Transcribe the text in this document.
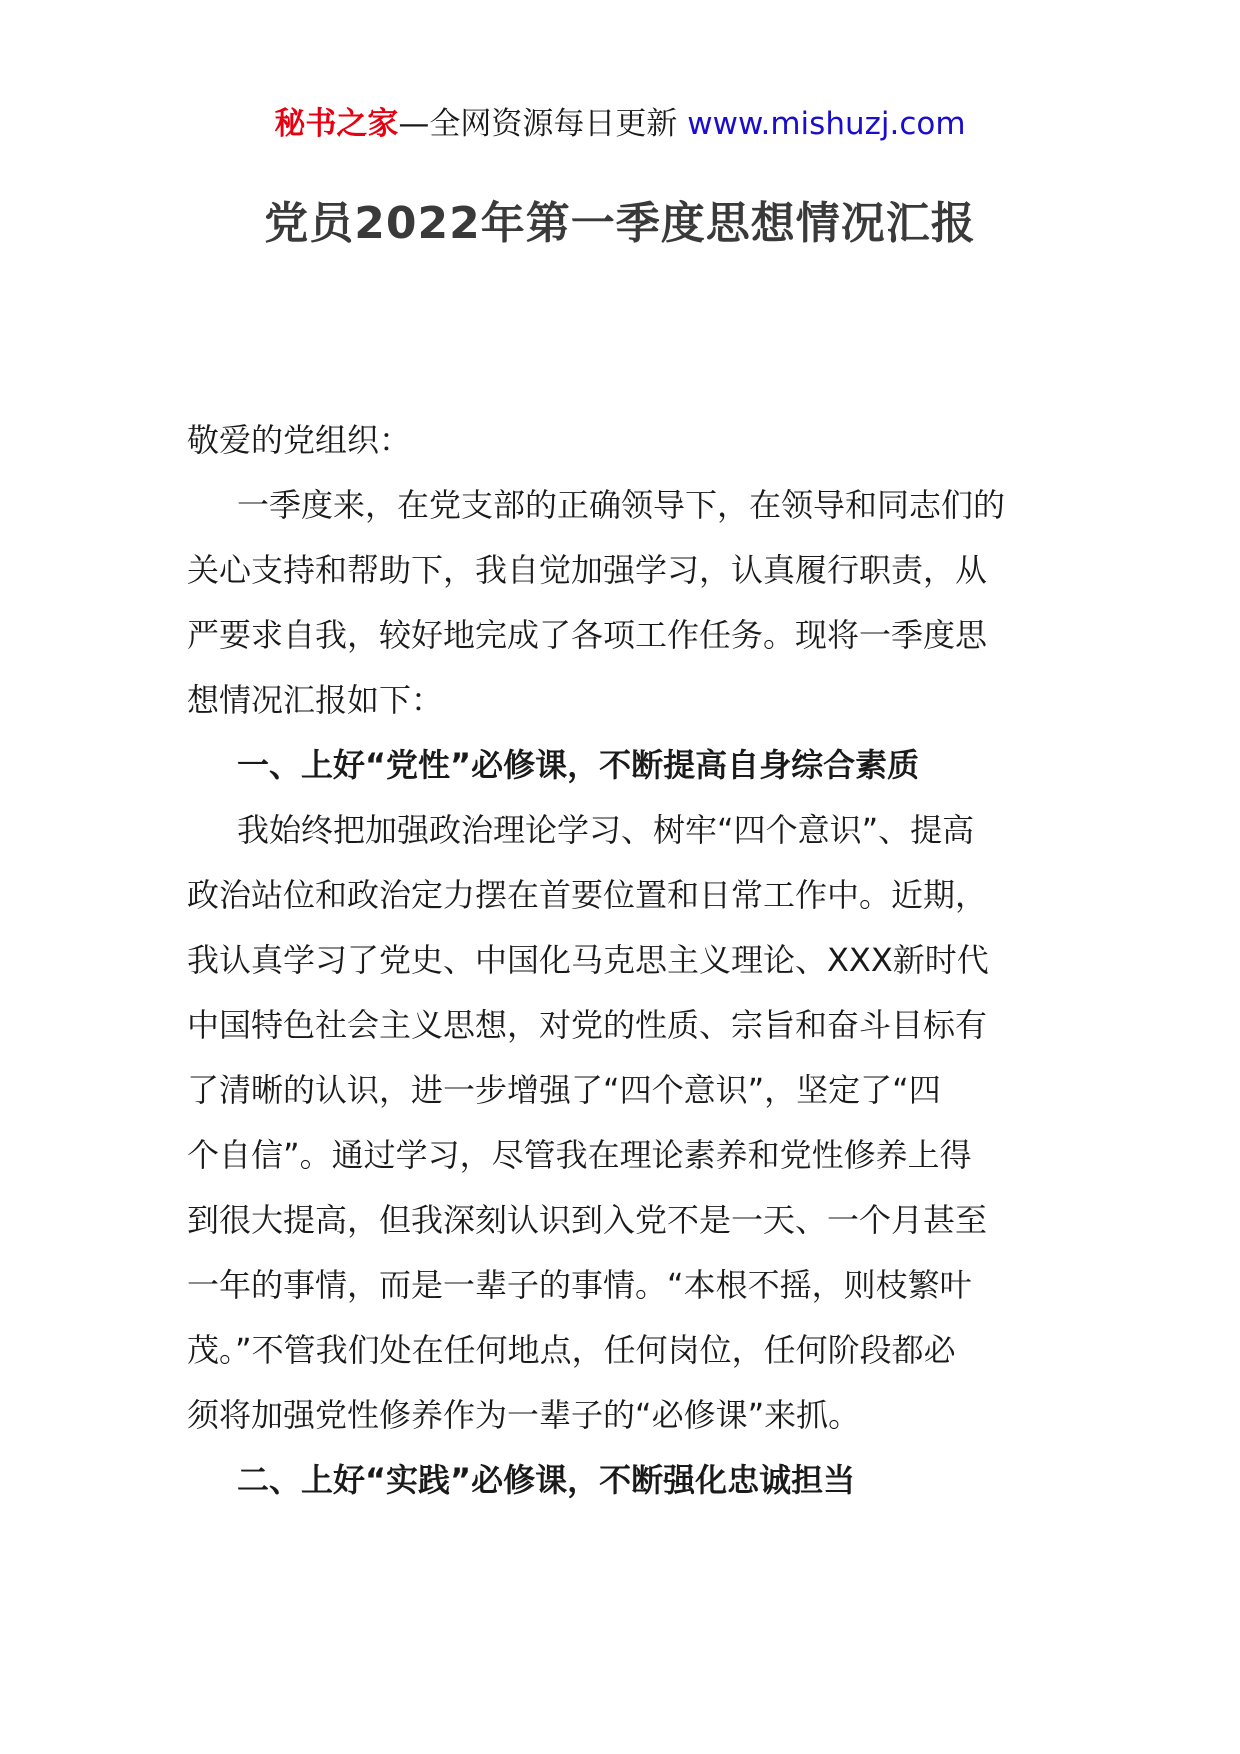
秘书之家—全网资源每日更新 www.mishuzj.com
党员2022年第一季度思想情况汇报

敬爱的党组织：

一季度来，在党支部的正确领导下，在领导和同志们的
关心支持和帮助下，我自觉加强学习，认真履行职责，从
严要求自我，较好地完成了各项工作任务。现将一季度思
想情况汇报如下：

一、上好“党性”必修课，不断提高自身综合素质

我始终把加强政治理论学习、树牢“四个意识”、提高
政治站位和政治定力摆在首要位置和日常工作中。近期，
我认真学习了党史、中国化马克思主义理论、XXX新时代
中国特色社会主义思想，对党的性质、宗旨和奋斗目标有
了清晰的认识，进一步增强了“四个意识”，坚定了“四
个自信”。通过学习，尽管我在理论素养和党性修养上得
到很大提高，但我深刻认识到入党不是一天、一个月甚至
一年的事情，而是一辈子的事情。“本根不摇，则枝繁叶
茂。”不管我们处在任何地点，任何岗位，任何阶段都必
须将加强党性修养作为一辈子的“必修课”来抓。

二、上好“实践”必修课，不断强化忠诚担当
